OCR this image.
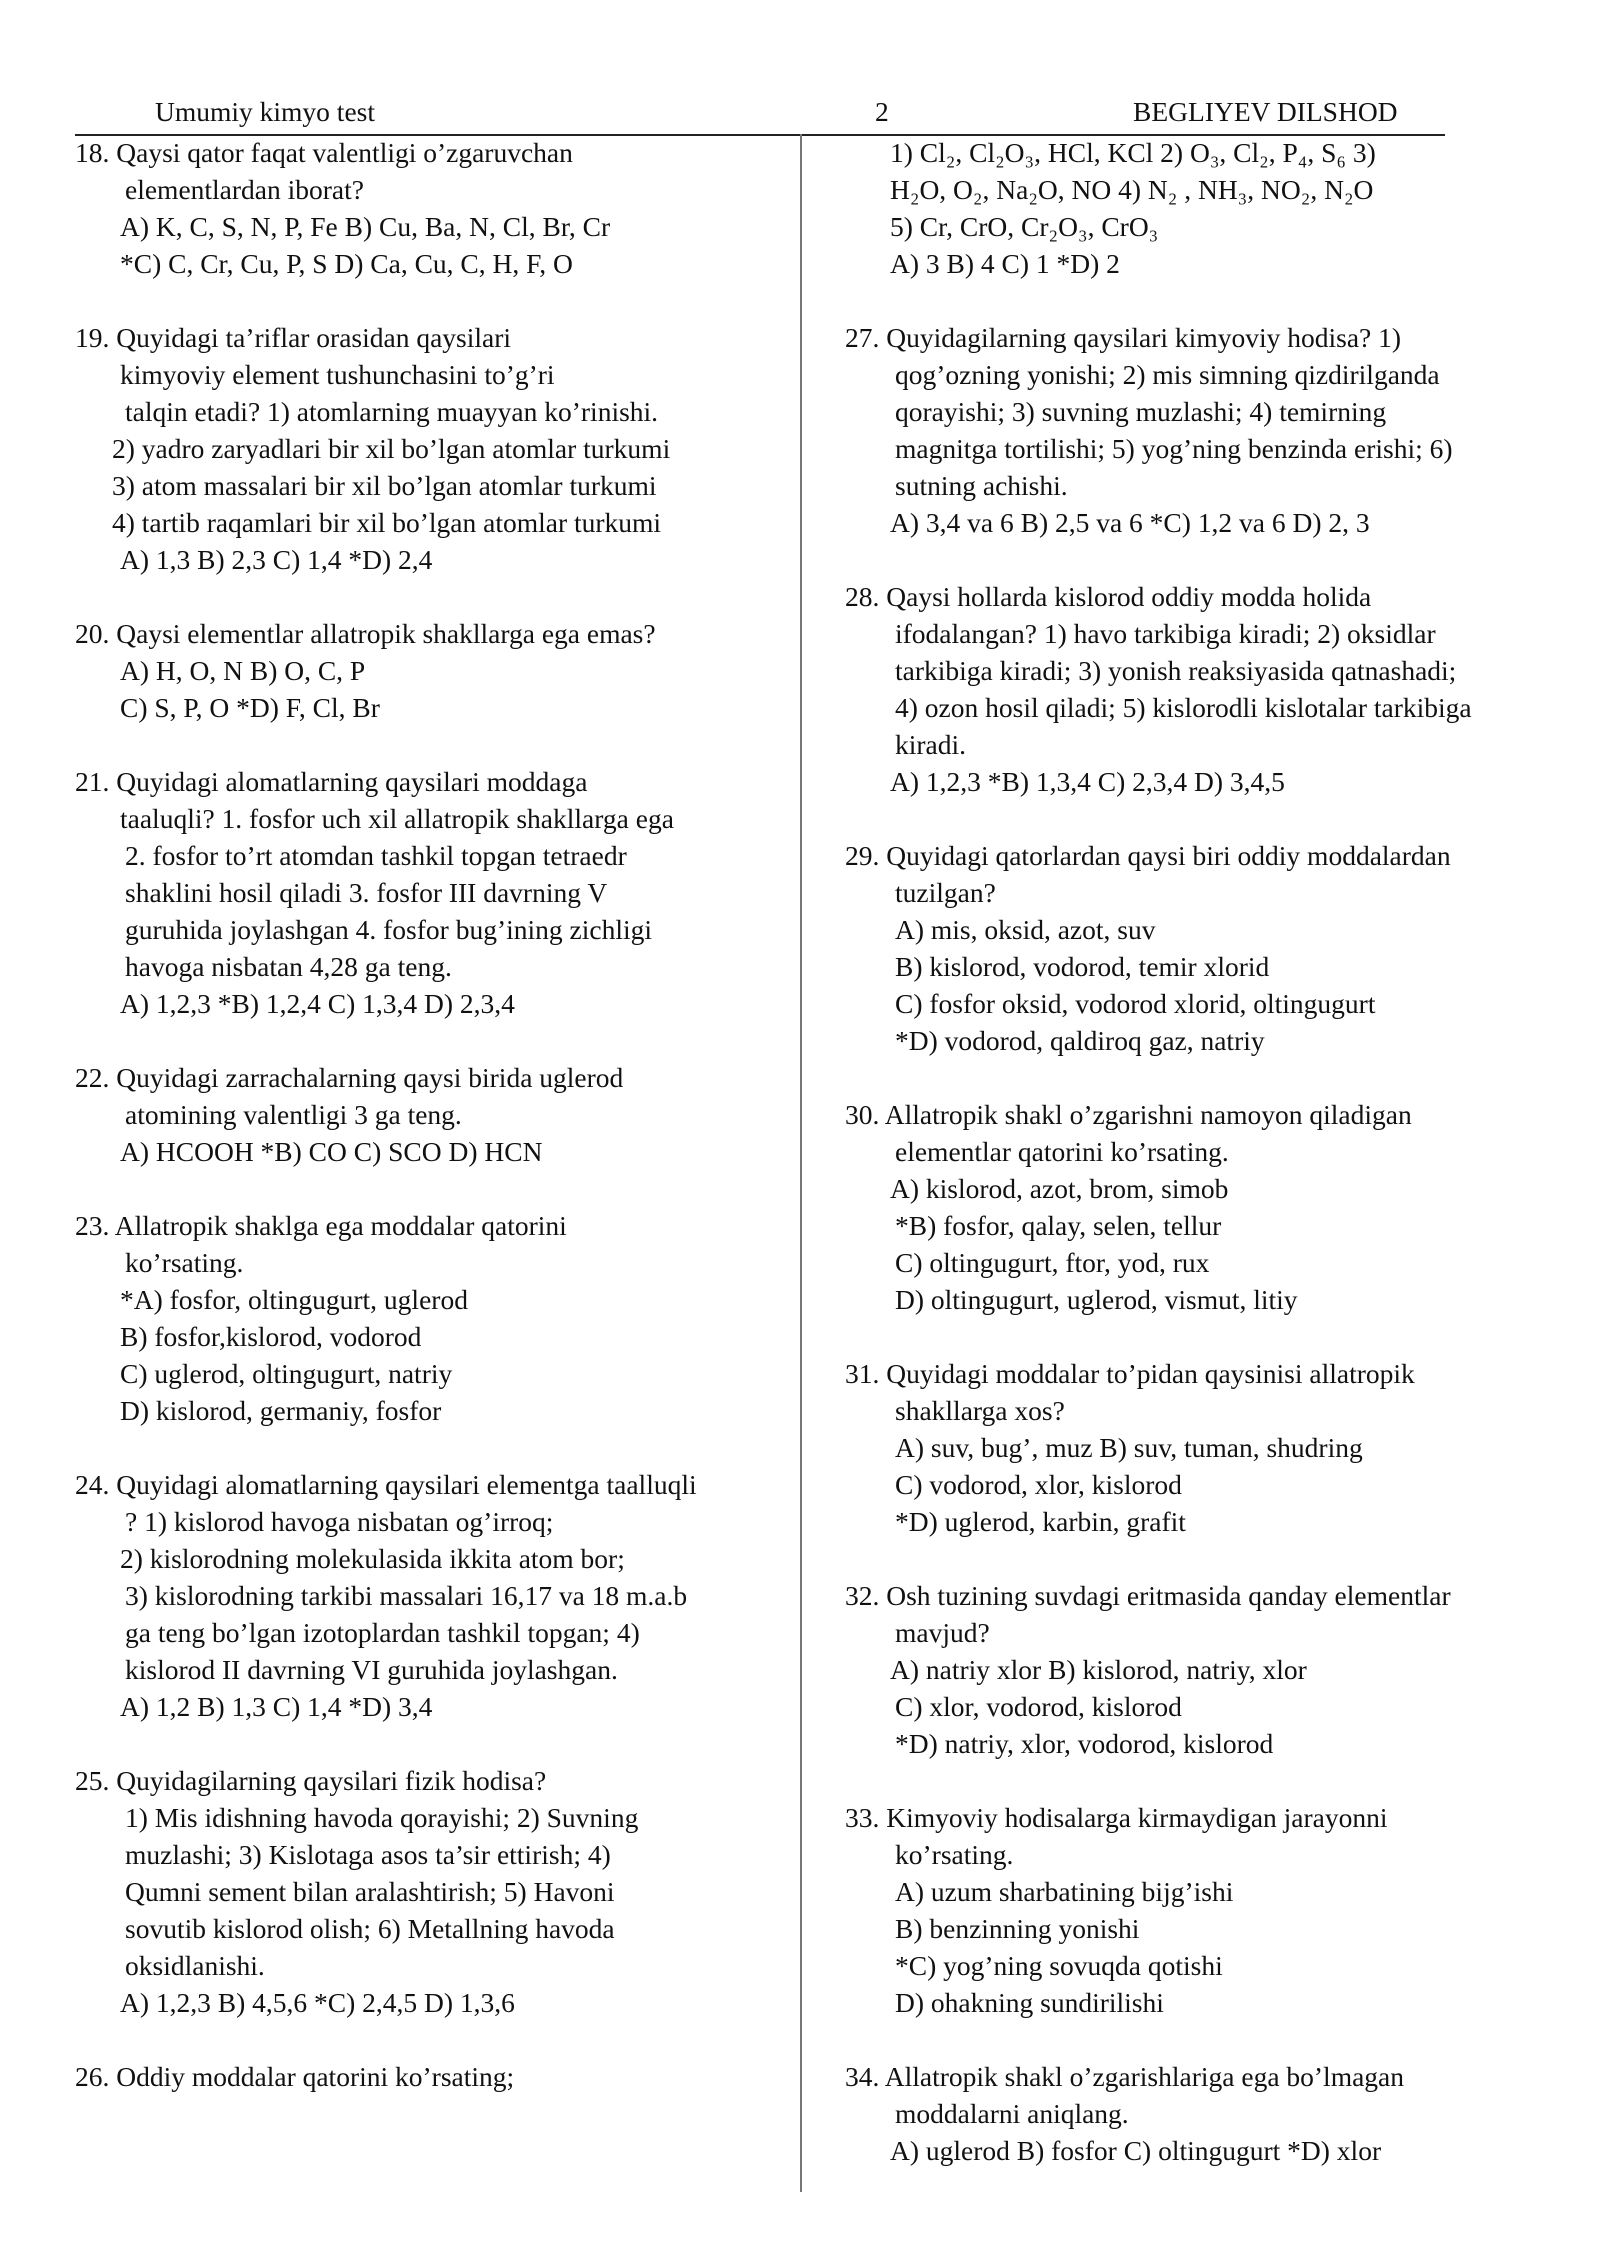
Umumiy kimyo test	2	BEGLIYEV DILSHOD
18. Qaysi qator faqat valentligi o’zgaruvchan
elementlardan iborat?
A) K, C, S, N, P, Fe B) Cu, Ba, N, Cl, Br, Cr
*C) C, Cr, Cu, P, S D) Ca, Cu, C, H, F, O
19. Quyidagi ta’riflar orasidan qaysilari
kimyoviy element tushunchasini to’g’ri
talqin etadi? 1) atomlarning muayyan ko’rinishi.
2) yadro zaryadlari bir xil bo’lgan atomlar turkumi
3) atom massalari bir xil bo’lgan atomlar turkumi
4) tartib raqamlari bir xil bo’lgan atomlar turkumi
A) 1,3 B) 2,3 C) 1,4 *D) 2,4
20. Qaysi elementlar allatropik shakllarga ega emas?
A) H, O, N B) O, C, P
C) S, P, O *D) F, Cl, Br
21. Quyidagi alomatlarning qaysilari moddaga
taaluqli? 1. fosfor uch xil allatropik shakllarga ega
2. fosfor to’rt atomdan tashkil topgan tetraedr
shaklini hosil qiladi 3. fosfor III davrning V
guruhida joylashgan 4. fosfor bug’ining zichligi
havoga nisbatan 4,28 ga teng.
A) 1,2,3 *B) 1,2,4 C) 1,3,4 D) 2,3,4
22. Quyidagi zarrachalarning qaysi birida uglerod
atomining valentligi 3 ga teng.
A) HCOOH *B) CO C) SCO D) HCN
23. Allatropik shaklga ega moddalar qatorini
ko’rsating.
*A) fosfor, oltingugurt, uglerod
B) fosfor,kislorod, vodorod
C) uglerod, oltingugurt, natriy
D) kislorod, germaniy, fosfor
24. Quyidagi alomatlarning qaysilari elementga taalluqli
? 1) kislorod havoga nisbatan og’irroq;
2) kislorodning molekulasida ikkita atom bor;
3) kislorodning tarkibi massalari 16,17 va 18 m.a.b
ga teng bo’lgan izotoplardan tashkil topgan; 4)
kislorod II davrning VI guruhida joylashgan.
A) 1,2 B) 1,3 C) 1,4 *D) 3,4
25. Quyidagilarning qaysilari fizik hodisa?
1) Mis idishning havoda qorayishi; 2) Suvning
muzlashi; 3) Kislotaga asos ta’sir ettirish; 4)
Qumni sement bilan aralashtirish; 5) Havoni
sovutib kislorod olish; 6) Metallning havoda
oksidlanishi.
A) 1,2,3 B) 4,5,6 *C) 2,4,5 D) 1,3,6
26. Oddiy moddalar qatorini ko’rsating;
1) Cl₂, Cl₂O₃, HCl, KCl 2) O₃, Cl₂, P₄, S₆ 3)
H₂O, O₂, Na₂O, NO 4) N₂ , NH₃, NO₂, N₂O
5) Cr, CrO, Cr₂O₃, CrO₃
A) 3 B) 4 C) 1 *D) 2
27. Quyidagilarning qaysilari kimyoviy hodisa? 1)
qog’ozning yonishi; 2) mis simning qizdirilganda
qorayishi; 3) suvning muzlashi; 4) temirning
magnitga tortilishi; 5) yog’ning benzinda erishi; 6)
sutning achishi.
A) 3,4 va 6 B) 2,5 va 6 *C) 1,2 va 6 D) 2, 3
28. Qaysi hollarda kislorod oddiy modda holida
ifodalangan? 1) havo tarkibiga kiradi; 2) oksidlar
tarkibiga kiradi; 3) yonish reaksiyasida qatnashadi;
4) ozon hosil qiladi; 5) kislorodli kislotalar tarkibiga
kiradi.
A) 1,2,3 *B) 1,3,4 C) 2,3,4 D) 3,4,5
29. Quyidagi qatorlardan qaysi biri oddiy moddalardan
tuzilgan?
A) mis, oksid, azot, suv
B) kislorod, vodorod, temir xlorid
C) fosfor oksid, vodorod xlorid, oltingugurt
*D) vodorod, qaldiroq gaz, natriy
30. Allatropik shakl o’zgarishni namoyon qiladigan
elementlar qatorini ko’rsating.
A) kislorod, azot, brom, simob
*B) fosfor, qalay, selen, tellur
C) oltingugurt, ftor, yod, rux
D) oltingugurt, uglerod, vismut, litiy
31. Quyidagi moddalar to’pidan qaysinisi allatropik
shakllarga xos?
A) suv, bug’, muz B) suv, tuman, shudring
C) vodorod, xlor, kislorod
*D) uglerod, karbin, grafit
32. Osh tuzining suvdagi eritmasida qanday elementlar
mavjud?
A) natriy xlor B) kislorod, natriy, xlor
C) xlor, vodorod, kislorod
*D) natriy, xlor, vodorod, kislorod
33. Kimyoviy hodisalarga kirmaydigan jarayonni
ko’rsating.
A) uzum sharbatining bijg’ishi
B) benzinning yonishi
*C) yog’ning sovuqda qotishi
D) ohakning sundirilishi
34. Allatropik shakl o’zgarishlariga ega bo’lmagan
moddalarni aniqlang.
A) uglerod B) fosfor C) oltingugurt *D) xlor
